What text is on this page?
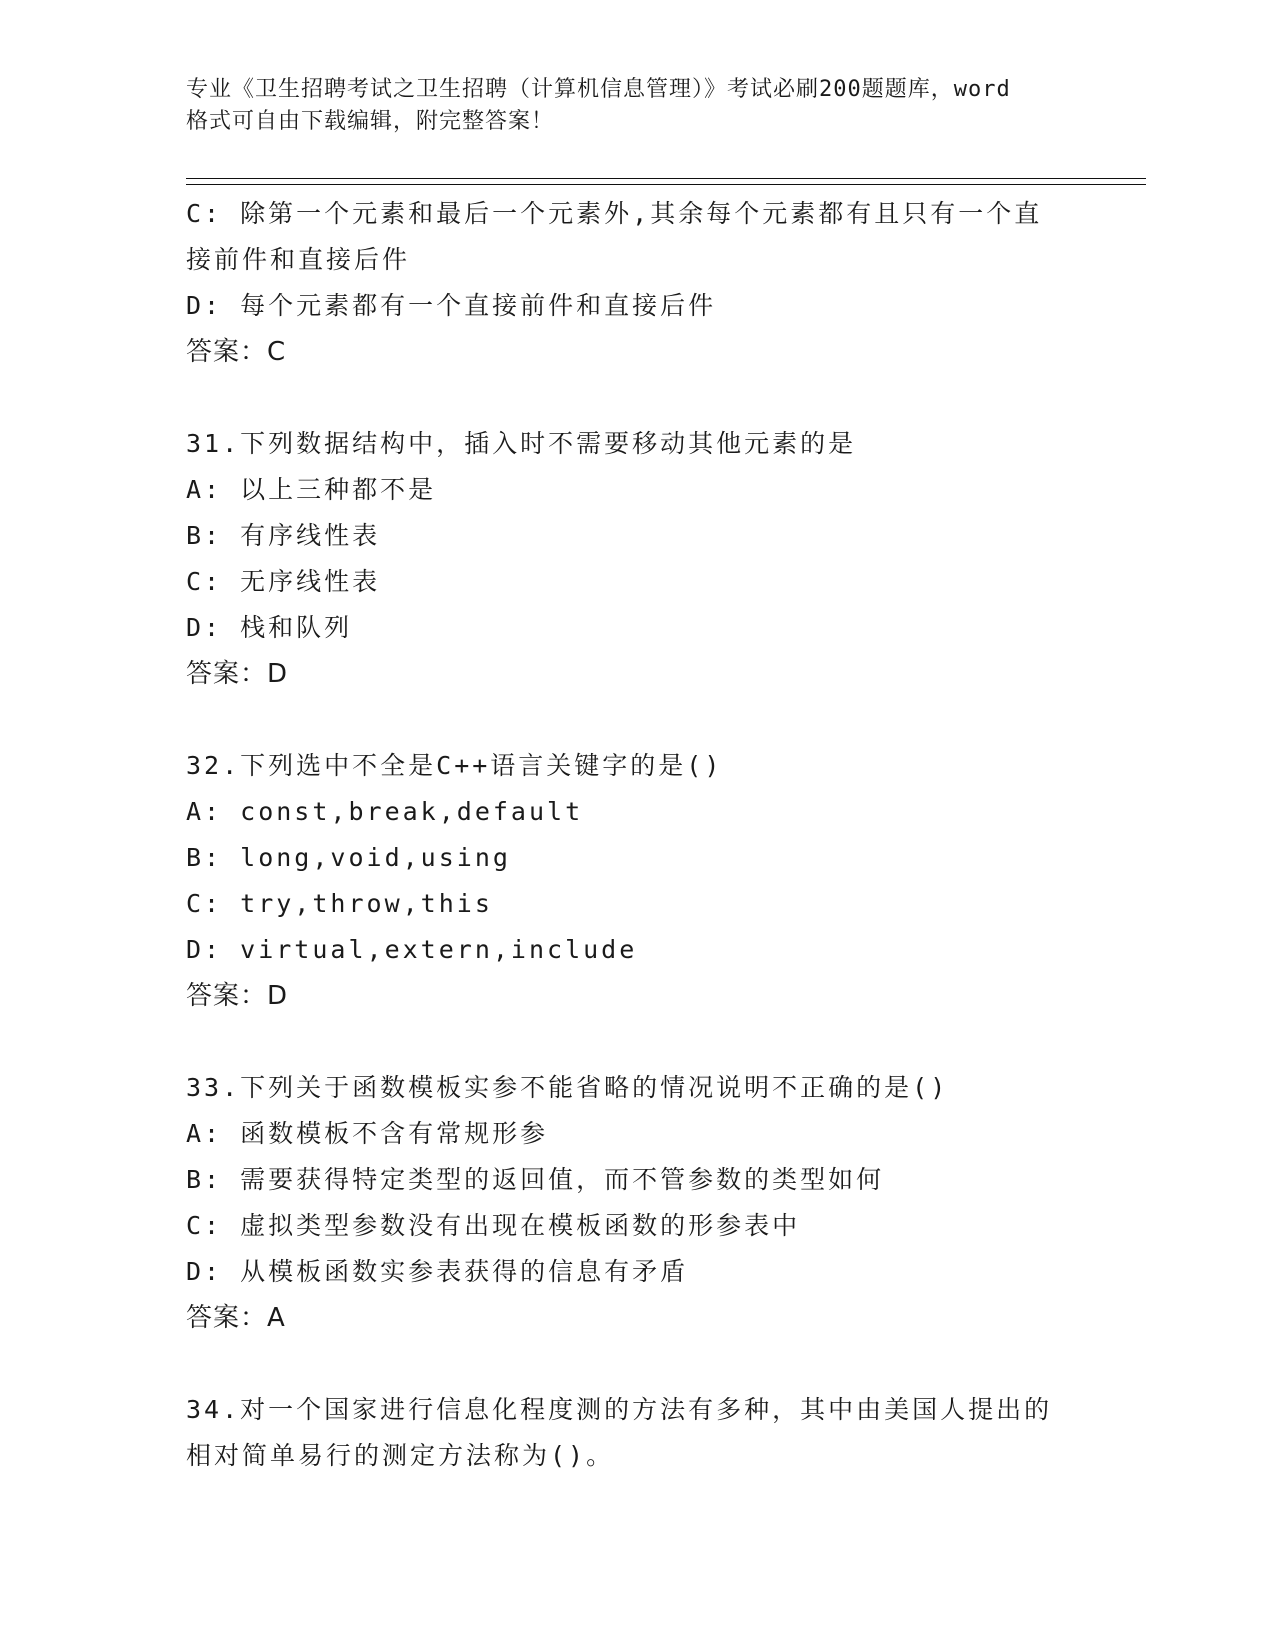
专业《卫生招聘考试之卫生招聘（计算机信息管理）》考试必刷200题题库，word
格式可自由下载编辑，附完整答案！
C: 除第一个元素和最后一个元素外,其余每个元素都有且只有一个直
接前件和直接后件
D: 每个元素都有一个直接前件和直接后件
答案：C
31.下列数据结构中，插入时不需要移动其他元素的是
A: 以上三种都不是
B: 有序线性表
C: 无序线性表
D: 栈和队列
答案：D
32.下列选中不全是C++语言关键字的是()
A: const,break,default
B: long,void,using
C: try,throw,this
D: virtual,extern,include
答案：D
33.下列关于函数模板实参不能省略的情况说明不正确的是()
A: 函数模板不含有常规形参
B: 需要获得特定类型的返回值，而不管参数的类型如何
C: 虚拟类型参数没有出现在模板函数的形参表中
D: 从模板函数实参表获得的信息有矛盾
答案：A
34.对一个国家进行信息化程度测的方法有多种，其中由美国人提出的
相对简单易行的测定方法称为()。
